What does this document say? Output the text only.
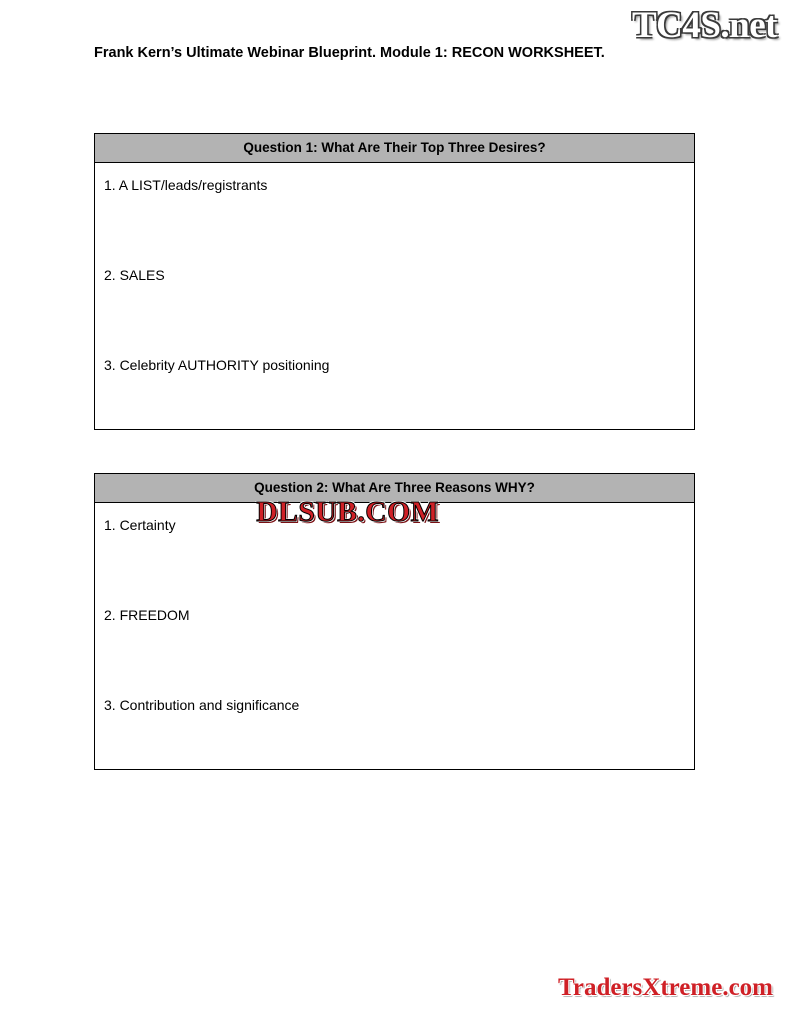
TC4S.net
Frank Kern’s Ultimate Webinar Blueprint. Module 1: RECON WORKSHEET.
Question 1: What Are Their Top Three Desires?
1. A LIST/leads/registrants
2. SALES
3. Celebrity AUTHORITY positioning
Question 2: What Are Three Reasons WHY?
1. Certainty
2. FREEDOM
3. Contribution and significance
DLSUB.COM
TradersXtreme.com
